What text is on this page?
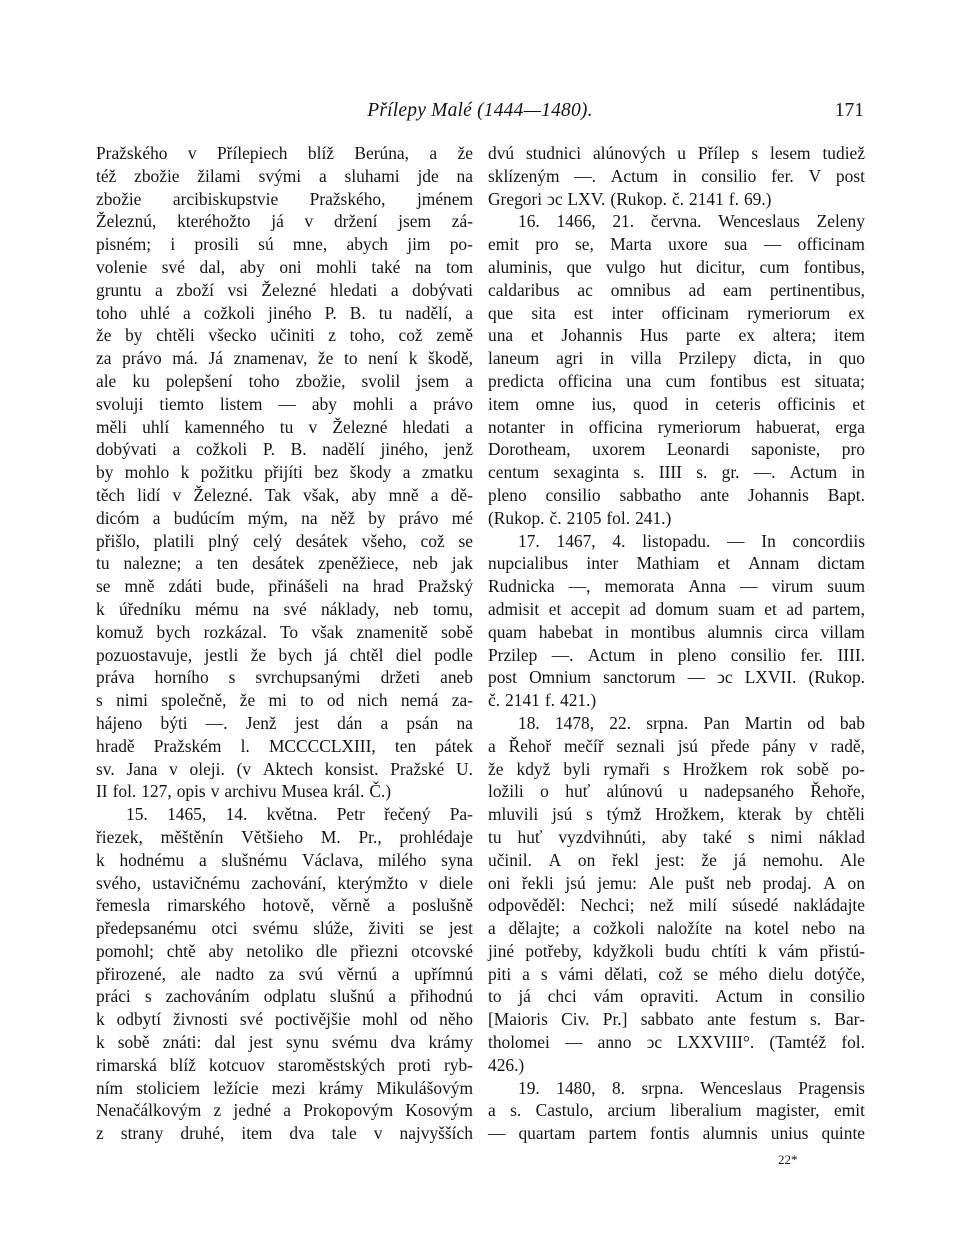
Přílepy Malé (1444—1480).	171
Pražského v Přílepiech blíž Berúna, a že
též zbožie žilami svými a sluhami jde na
zbožie arcibiskupstvie Pražského, jménem
Železnú, kteréhožto já v držení jsem zá-
pisném; i prosili sú mne, abych jim po-
volenie své dal, aby oni mohli také na tom
gruntu a zboží vsi Železné hledati a dobývati
toho uhlé a cožkoli jiného P. B. tu nadělí, a
že by chtěli všecko učiniti z toho, což země
za právo má. Já znamenav, že to není k škodě,
ale ku polepšení toho zbožie, svolil jsem a
svoluji tiemto listem — aby mohli a právo
měli uhlí kamenného tu v Železné hledati a
dobývati a cožkoli P. B. nadělí jiného, jenž
by mohlo k požitku přijíti bez škody a zmatku
těch lidí v Železné. Tak však, aby mně a dě-
dicóm a budúcím mým, na něž by právo mé
přišlo, platili plný celý desátek všeho, což se
tu nalezne; a ten desátek zpeněžiece, neb jak
se mně zdáti bude, přinášeli na hrad Pražský
k úředníku mému na své náklady, neb tomu,
komuž bych rozkázal. To však znamenitě sobě
pozuostavuje, jestli že bych já chtěl diel podle
práva horního s svrchupsanými držeti aneb
s nimi společně, že mi to od nich nemá za-
hájeno býti —. Jenž jest dán a psán na
hradě Pražském l. MCCCCLXIII, ten pátek
sv. Jana v oleji. (v Aktech konsist. Pražské U.
II fol. 127, opis v archivu Musea král. Č.)
15. 1465, 14. května. Petr řečený Pa-
řiezek, měštěnín Většieho M. Pr., prohlédaje
k hodnému a slušnému Václava, milého syna
svého, ustavičnému zachování, kterýmžto v diele
řemesla rimarského hotově, věrně a poslušně
předepsanému otci svému slúže, živiti se jest
pomohl; chtě aby netoliko dle přiezni otcovské
přirozené, ale nadto za svú věrnú a upřímnú
práci s zachováním odplatu slušnú a přihodnú
k odbytí živnosti své poctivějšie mohl od něho
k sobě znáti: dal jest synu svému dva krámy
rimarská blíž kotcuov staroměstských proti ryb-
ním stoliciem ležície mezi krámy Mikulášovým
Nenačálkovým z jedné a Prokopovým Kosovým
z strany druhé, item dva tale v najvyšších
dvú studnici alúnových u Přílep s lesem tudiež
sklízeným —. Actum in consilio fer. V post
Gregori ↄc LXV. (Rukop. č. 2141 f. 69.)
16. 1466, 21. června. Wenceslaus Zeleny
emit pro se, Marta uxore sua — officinam
aluminis, que vulgo hut dicitur, cum fontibus,
caldaribus ac omnibus ad eam pertinentibus,
que sita est inter officinam rymeriorum ex
una et Johannis Hus parte ex altera; item
laneum agri in villa Przilepy dicta, in quo
predicta officina una cum fontibus est situata;
item omne ius, quod in ceteris officinis et
notanter in officina rymeriorum habuerat, erga
Dorotheam, uxorem Leonardi saponiste, pro
centum sexaginta s. IIII s. gr. —. Actum in
pleno consilio sabbatho ante Johannis Bapt.
(Rukop. č. 2105 fol. 241.)
17. 1467, 4. listopadu. — In concordiis
nupcialibus inter Mathiam et Annam dictam
Rudnicka —, memorata Anna — virum suum
admisit et accepit ad domum suam et ad partem,
quam habebat in montibus alumnis circa villam
Przilep —. Actum in pleno consilio fer. IIII.
post Omnium sanctorum — ↄc LXVII. (Rukop.
č. 2141 f. 421.)
18. 1478, 22. srpna. Pan Martin od bab
a Řehoř mečíř seznali jsú přede pány v radě,
že když byli rymaři s Hrožkem rok sobě po-
ložili o huť alúnovú u nadepsaného Řehoře,
mluvili jsú s týmž Hrožkem, kterak by chtěli
tu huť vyzdvihnúti, aby také s nimi náklad
učinil. A on řekl jest: že já nemohu. Ale
oni řekli jsú jemu: Ale pušt neb prodaj. A on
odpověděl: Nechci; než milí súsedé nakládajte
a dělajte; a cožkoli naložíte na kotel nebo na
jiné potřeby, kdyžkoli budu chtíti k vám přistú-
piti a s vámi dělati, což se mého dielu dotýče,
to já chci vám opraviti. Actum in consilio
[Maioris Civ. Pr.] sabbato ante festum s. Bar-
tholomei — anno ↄc LXXVIII°. (Tamtéž fol.
426.)
19. 1480, 8. srpna. Wenceslaus Pragensis
a s. Castulo, arcium liberalium magister, emit
— quartam partem fontis alumnis unius quinte
22*
